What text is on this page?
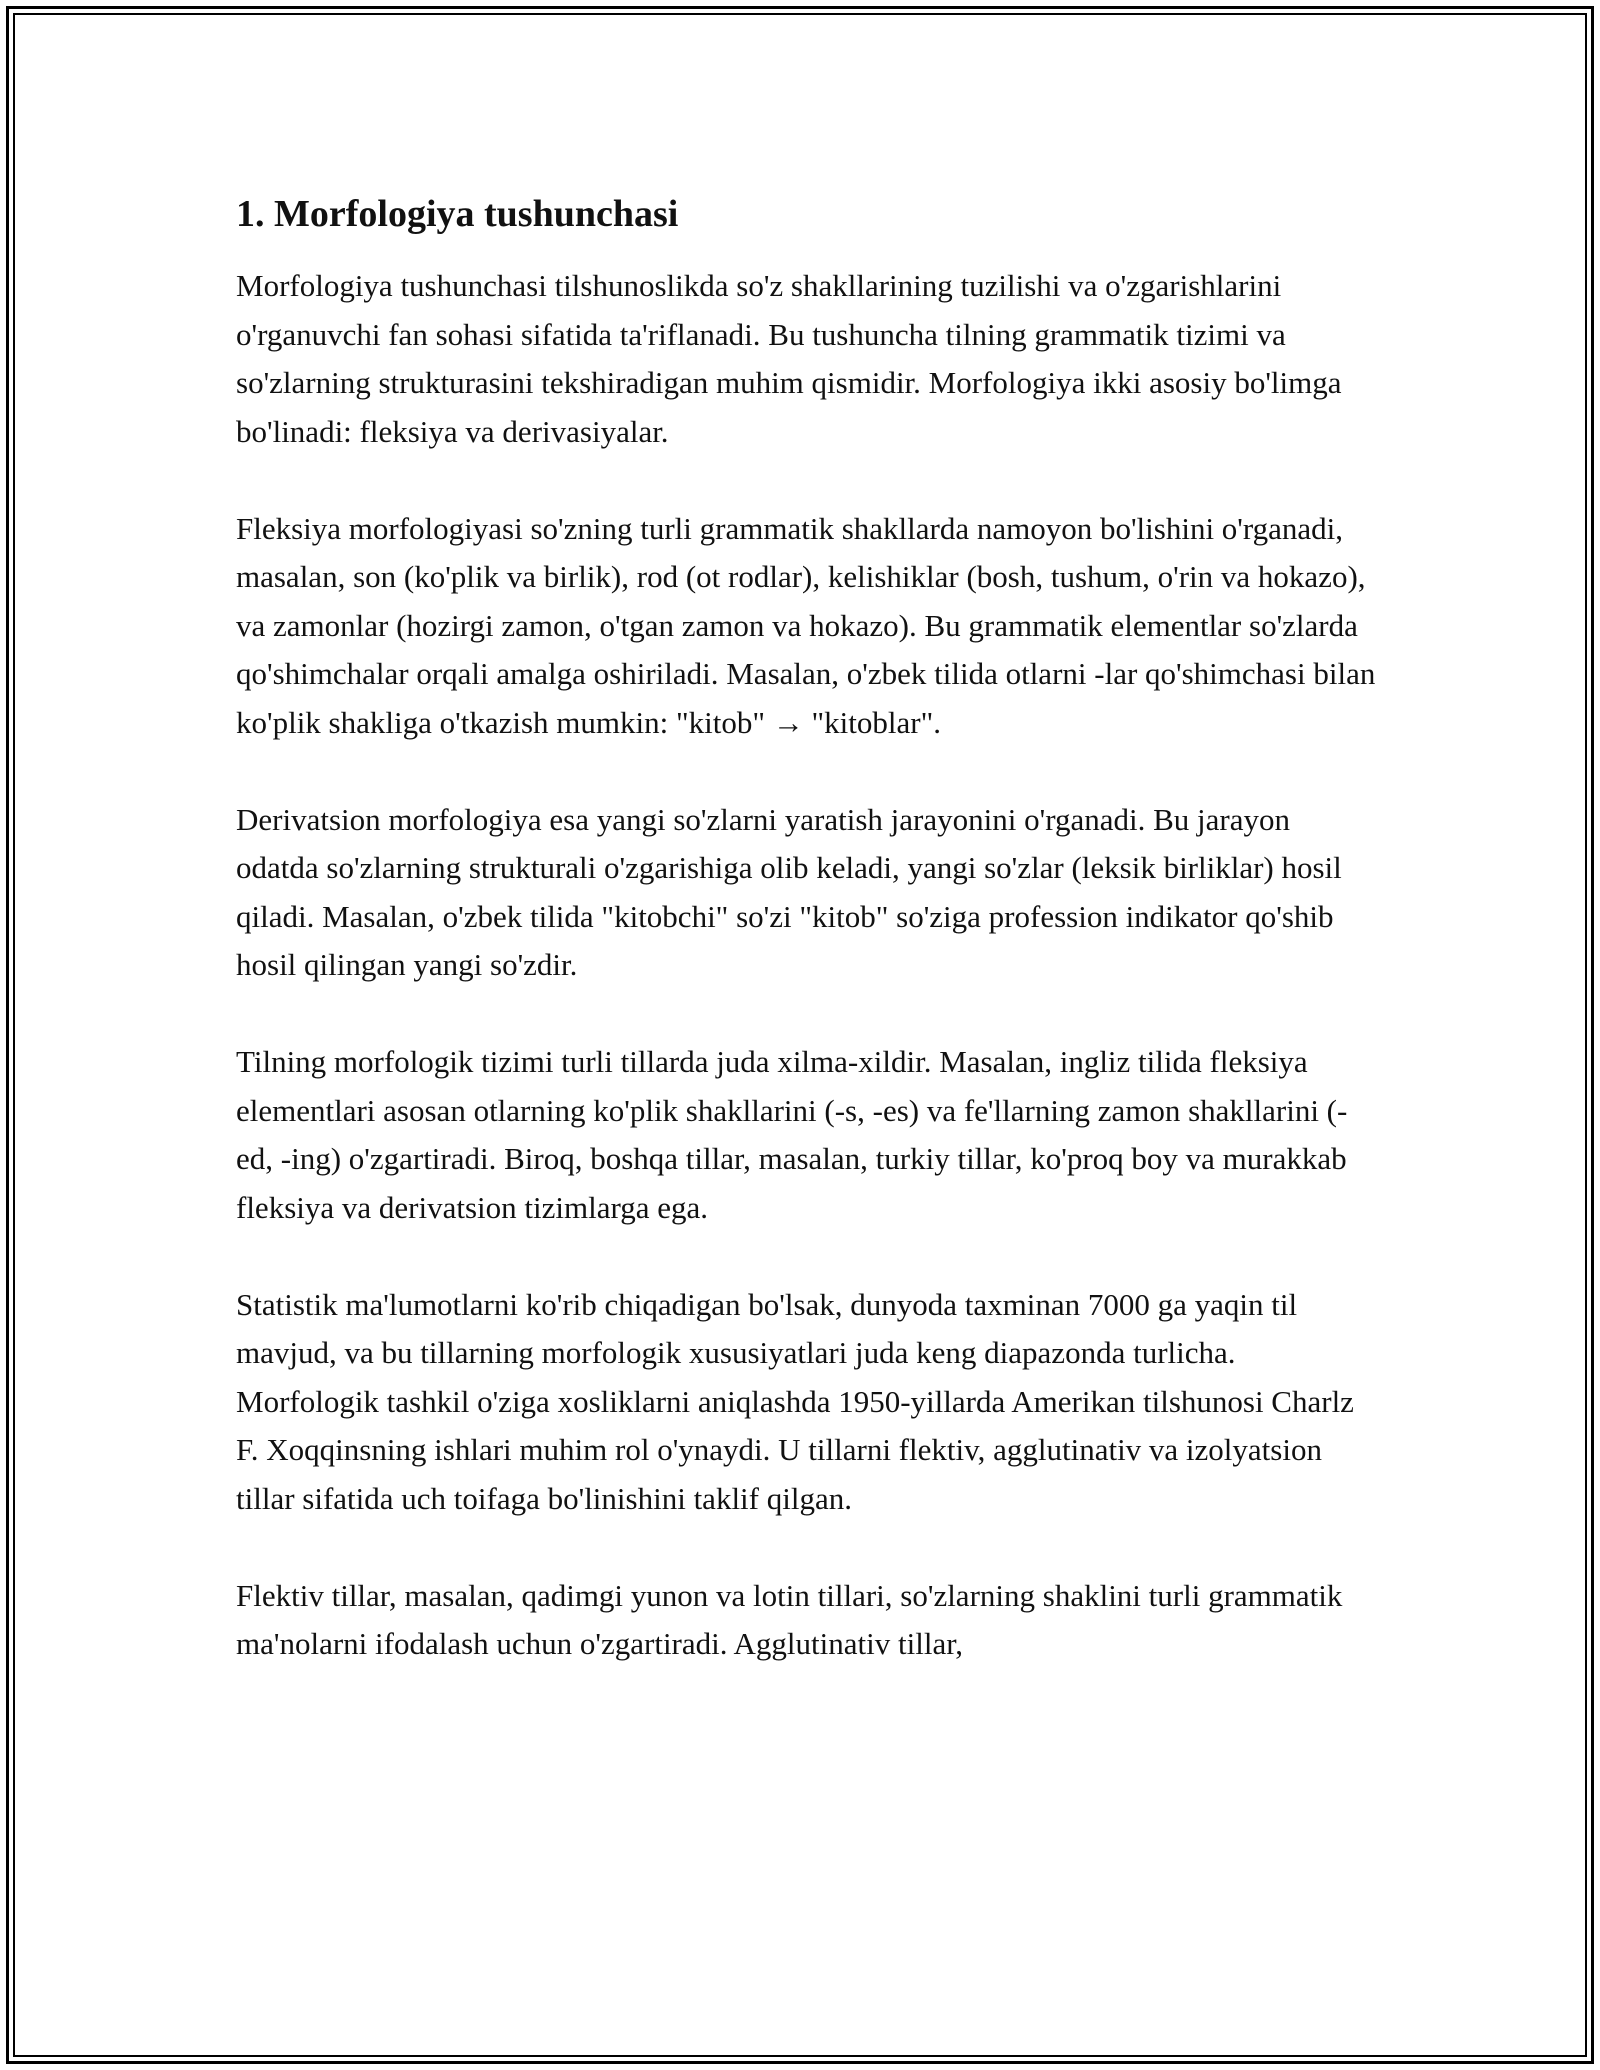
1. Morfologiya tushunchasi

Morfologiya tushunchasi tilshunoslikda so'z shakllarining tuzilishi va o'zgarishlarini o'rganuvchi fan sohasi sifatida ta'riflanadi. Bu tushuncha tilning grammatik tizimi va so'zlarning strukturasini tekshiradigan muhim qismidir. Morfologiya ikki asosiy bo'limga bo'linadi: fleksiya va derivasiyalar.

Fleksiya morfologiyasi so'zning turli grammatik shakllarda namoyon bo'lishini o'rganadi, masalan, son (ko'plik va birlik), rod (ot rodlar), kelishiklar (bosh, tushum, o'rin va hokazo), va zamonlar (hozirgi zamon, o'tgan zamon va hokazo). Bu grammatik elementlar so'zlarda qo'shimchalar orqali amalga oshiriladi. Masalan, o'zbek tilida otlarni -lar qo'shimchasi bilan ko'plik shakliga o'tkazish mumkin: "kitob" → "kitoblar".

Derivatsion morfologiya esa yangi so'zlarni yaratish jarayonini o'rganadi. Bu jarayon odatda so'zlarning strukturali o'zgarishiga olib keladi, yangi so'zlar (leksik birliklar) hosil qiladi. Masalan, o'zbek tilida "kitobchi" so'zi "kitob" so'ziga profession indikator qo'shib hosil qilingan yangi so'zdir.

Tilning morfologik tizimi turli tillarda juda xilma-xildir. Masalan, ingliz tilida fleksiya elementlari asosan otlarning ko'plik shakllarini (-s, -es) va fe'llarning zamon shakllarini (-ed, -ing) o'zgartiradi. Biroq, boshqa tillar, masalan, turkiy tillar, ko'proq boy va murakkab fleksiya va derivatsion tizimlarga ega.

Statistik ma'lumotlarni ko'rib chiqadigan bo'lsak, dunyoda taxminan 7000 ga yaqin til mavjud, va bu tillarning morfologik xususiyatlari juda keng diapazonda turlicha. Morfologik tashkil o'ziga xosliklarni aniqlashda 1950-yillarda Amerikan tilshunosi Charlz F. Xoqqinsning ishlari muhim rol o'ynaydi. U tillarni flektiv, agglutinativ va izolyatsion tillar sifatida uch toifaga bo'linishini taklif qilgan.

Flektiv tillar, masalan, qadimgi yunon va lotin tillari, so'zlarning shaklini turli grammatik ma'nolarni ifodalash uchun o'zgartiradi. Agglutinativ tillar,
